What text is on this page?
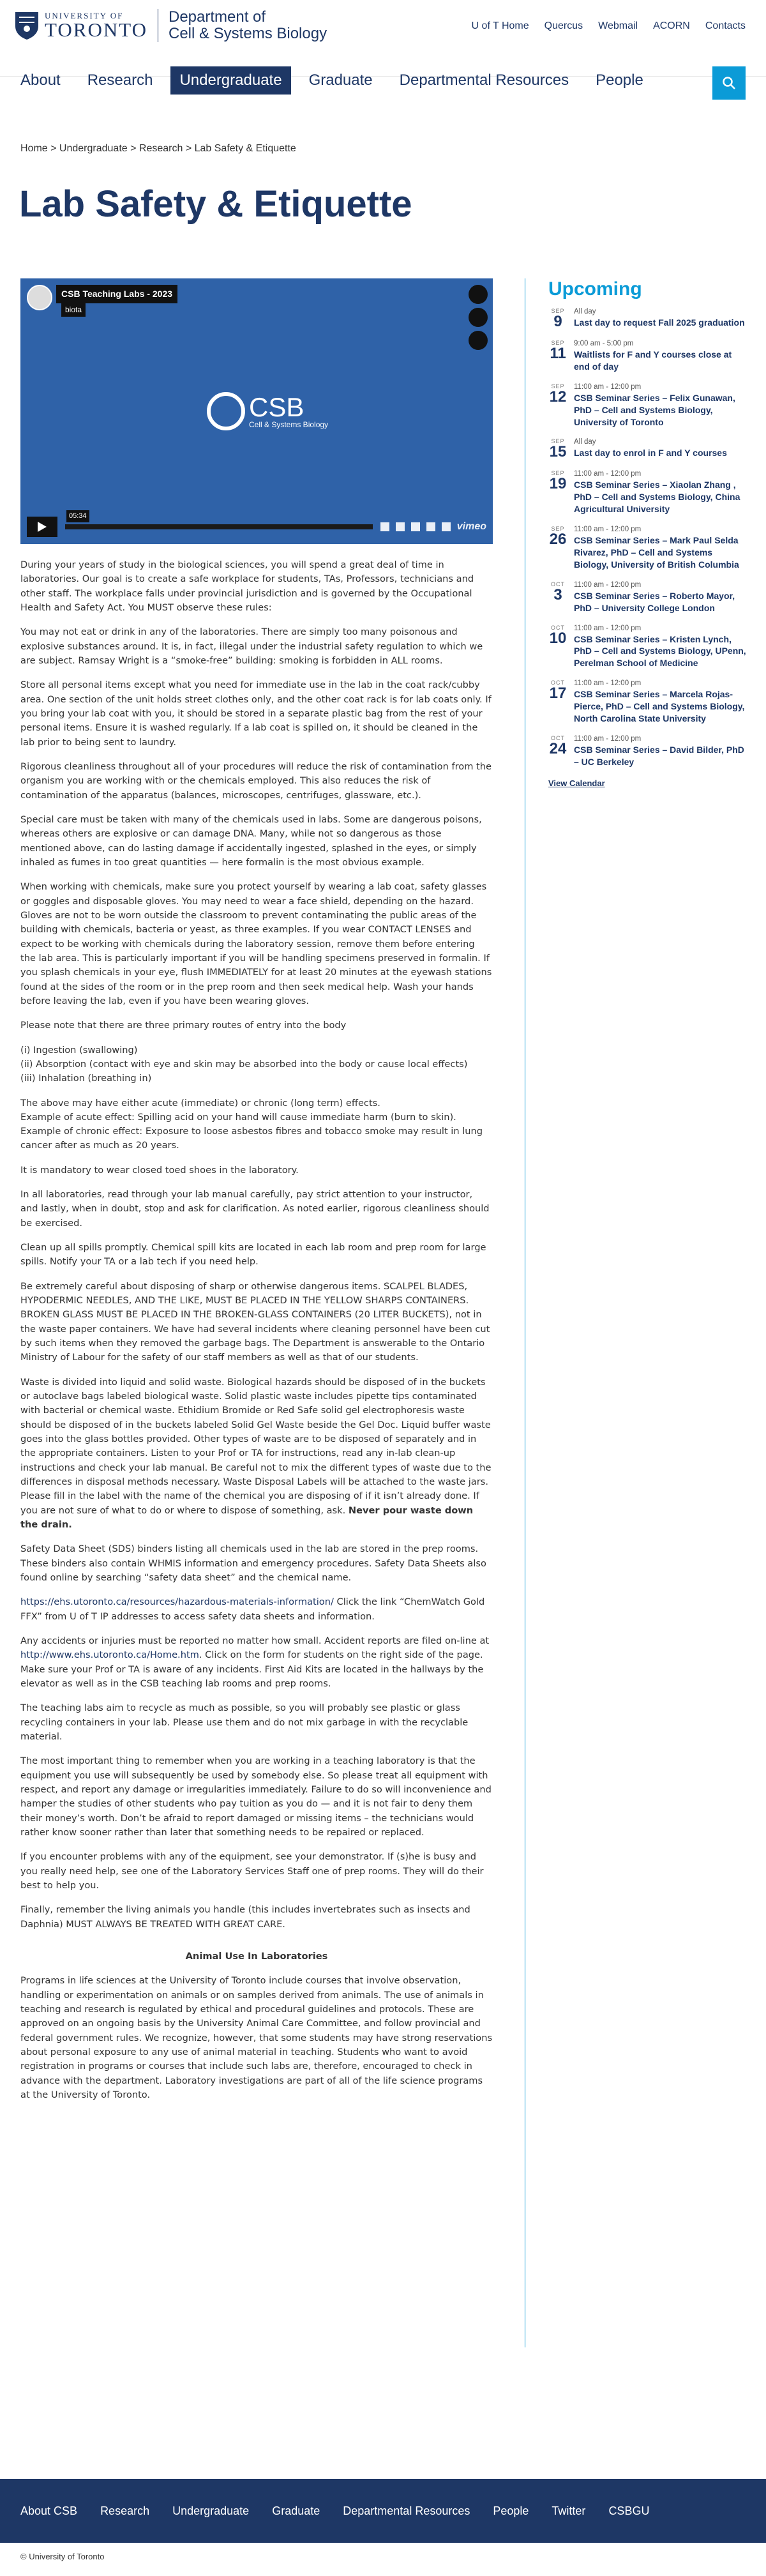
UNIVERSITY OF
TORONTO
Department of
Cell & Systems Biology	U of T Home Quercus Webmail ACORN Contacts
About	Research	Undergraduate	Graduate	Departmental Resources	People
Home > Undergraduate > Research > Lab Safety & Etiquette
Lab Safety & Etiquette
CSB Teaching Labs - 2023
biota
CSB
Cell & Systems Biology
05:34
vimeo

During your years of study in the biological sciences, you will spend a great deal of time in laboratories. Our goal is to create a safe workplace for students, TAs, Professors, technicians and other staff. The workplace falls under provincial jurisdiction and is governed by the Occupational Health and Safety Act. You MUST observe these rules:

You may not eat or drink in any of the laboratories. There are simply too many poisonous and explosive substances around. It is, in fact, illegal under the industrial safety regulation to which we are subject. Ramsay Wright is a “smoke-free” building: smoking is forbidden in ALL rooms.

Store all personal items except what you need for immediate use in the lab in the coat rack/cubby area. One section of the unit holds street clothes only, and the other coat rack is for lab coats only. If you bring your lab coat with you, it should be stored in a separate plastic bag from the rest of your personal items. Ensure it is washed regularly. If a lab coat is spilled on, it should be cleaned in the lab prior to being sent to laundry.

Rigorous cleanliness throughout all of your procedures will reduce the risk of contamination from the organism you are working with or the chemicals employed. This also reduces the risk of contamination of the apparatus (balances, microscopes, centrifuges, glassware, etc.).

Special care must be taken with many of the chemicals used in labs. Some are dangerous poisons, whereas others are explosive or can damage DNA. Many, while not so dangerous as those mentioned above, can do lasting damage if accidentally ingested, splashed in the eyes, or simply inhaled as fumes in too great quantities — here formalin is the most obvious example.

When working with chemicals, make sure you protect yourself by wearing a lab coat, safety glasses or goggles and disposable gloves. You may need to wear a face shield, depending on the hazard. Gloves are not to be worn outside the classroom to prevent contaminating the public areas of the building with chemicals, bacteria or yeast, as three examples. If you wear CONTACT LENSES and expect to be working with chemicals during the laboratory session, remove them before entering the lab area. This is particularly important if you will be handling specimens preserved in formalin. If you splash chemicals in your eye, flush IMMEDIATELY for at least 20 minutes at the eyewash stations found at the sides of the room or in the prep room and then seek medical help. Wash your hands before leaving the lab, even if you have been wearing gloves.

Please note that there are three primary routes of entry into the body

(i) Ingestion (swallowing)
(ii) Absorption (contact with eye and skin may be absorbed into the body or cause local effects)
(iii) Inhalation (breathing in)
The above may have either acute (immediate) or chronic (long term) effects.
Example of acute effect: Spilling acid on your hand will cause immediate harm (burn to skin).
Example of chronic effect: Exposure to loose asbestos fibres and tobacco smoke may result in lung cancer after as much as 20 years.

It is mandatory to wear closed toed shoes in the laboratory.

In all laboratories, read through your lab manual carefully, pay strict attention to your instructor, and lastly, when in doubt, stop and ask for clarification. As noted earlier, rigorous cleanliness should be exercised.

Clean up all spills promptly. Chemical spill kits are located in each lab room and prep room for large spills. Notify your TA or a lab tech if you need help.

Be extremely careful about disposing of sharp or otherwise dangerous items. SCALPEL BLADES, HYPODERMIC NEEDLES, AND THE LIKE, MUST BE PLACED IN THE YELLOW SHARPS CONTAINERS. BROKEN GLASS MUST BE PLACED IN THE BROKEN-GLASS CONTAINERS (20 LITER BUCKETS), not in the waste paper containers. We have had several incidents where cleaning personnel have been cut by such items when they removed the garbage bags. The Department is answerable to the Ontario Ministry of Labour for the safety of our staff members as well as that of our students.

Waste is divided into liquid and solid waste. Biological hazards should be disposed of in the buckets or autoclave bags labeled biological waste. Solid plastic waste includes pipette tips contaminated with bacterial or chemical waste. Ethidium Bromide or Red Safe solid gel electrophoresis waste should be disposed of in the buckets labeled Solid Gel Waste beside the Gel Doc. Liquid buffer waste goes into the glass bottles provided. Other types of waste are to be disposed of separately and in the appropriate containers. Listen to your Prof or TA for instructions, read any in-lab clean-up instructions and check your lab manual. Be careful not to mix the different types of waste due to the differences in disposal methods necessary. Waste Disposal Labels will be attached to the waste jars. Please fill in the label with the name of the chemical you are disposing of if it isn’t already done. If you are not sure of what to do or where to dispose of something, ask. Never pour waste down the drain.

Safety Data Sheet (SDS) binders listing all chemicals used in the lab are stored in the prep rooms. These binders also contain WHMIS information and emergency procedures. Safety Data Sheets also found online by searching “safety data sheet” and the chemical name.

https://ehs.utoronto.ca/resources/hazardous-materials-information/ Click the link “ChemWatch Gold FFX” from U of T IP addresses to access safety data sheets and information.

Any accidents or injuries must be reported no matter how small. Accident reports are filed on-line at http://www.ehs.utoronto.ca/Home.htm. Click on the form for students on the right side of the page. Make sure your Prof or TA is aware of any incidents. First Aid Kits are located in the hallways by the elevator as well as in the CSB teaching lab rooms and prep rooms.

The teaching labs aim to recycle as much as possible, so you will probably see plastic or glass recycling containers in your lab. Please use them and do not mix garbage in with the recyclable material.

The most important thing to remember when you are working in a teaching laboratory is that the equipment you use will subsequently be used by somebody else. So please treat all equipment with respect, and report any damage or irregularities immediately. Failure to do so will inconvenience and hamper the studies of other students who pay tuition as you do — and it is not fair to deny them their money’s worth. Don’t be afraid to report damaged or missing items – the technicians would rather know sooner rather than later that something needs to be repaired or replaced.

If you encounter problems with any of the equipment, see your demonstrator. If (s)he is busy and you really need help, see one of the Laboratory Services Staff one of prep rooms. They will do their best to help you.

Finally, remember the living animals you handle (this includes invertebrates such as insects and Daphnia) MUST ALWAYS BE TREATED WITH GREAT CARE.

Animal Use In Laboratories

Programs in life sciences at the University of Toronto include courses that involve observation, handling or experimentation on animals or on samples derived from animals. The use of animals in teaching and research is regulated by ethical and procedural guidelines and protocols. These are approved on an ongoing basis by the University Animal Care Committee, and follow provincial and federal government rules. We recognize, however, that some students may have strong reservations about personal exposure to any use of animal material in teaching. Students who want to avoid registration in programs or courses that include such labs are, therefore, encouraged to check in advance with the department. Laboratory investigations are part of all of the life science programs at the University of Toronto.

Upcoming
SEP
9
All day
Last day to request Fall 2025 graduation
SEP
11
9:00 am - 5:00 pm
Waitlists for F and Y courses close at end of day
SEP
12
11:00 am - 12:00 pm
CSB Seminar Series – Felix Gunawan, PhD – Cell and Systems Biology, University of Toronto
SEP
15
All day
Last day to enrol in F and Y courses
SEP
19
11:00 am - 12:00 pm
CSB Seminar Series – Xiaolan Zhang , PhD – Cell and Systems Biology, China Agricultural University
SEP
26
11:00 am - 12:00 pm
CSB Seminar Series – Mark Paul Selda Rivarez, PhD – Cell and Systems Biology, University of British Columbia
OCT
3
11:00 am - 12:00 pm
CSB Seminar Series – Roberto Mayor, PhD – University College London
OCT
10
11:00 am - 12:00 pm
CSB Seminar Series – Kristen Lynch, PhD – Cell and Systems Biology, UPenn, Perelman School of Medicine
OCT
17
11:00 am - 12:00 pm
CSB Seminar Series – Marcela Rojas-Pierce, PhD – Cell and Systems Biology, North Carolina State University
OCT
24
11:00 am - 12:00 pm
CSB Seminar Series – David Bilder, PhD – UC Berkeley
View Calendar
About CSB Research Undergraduate Graduate Departmental Resources People Twitter CSBGU
© University of Toronto
